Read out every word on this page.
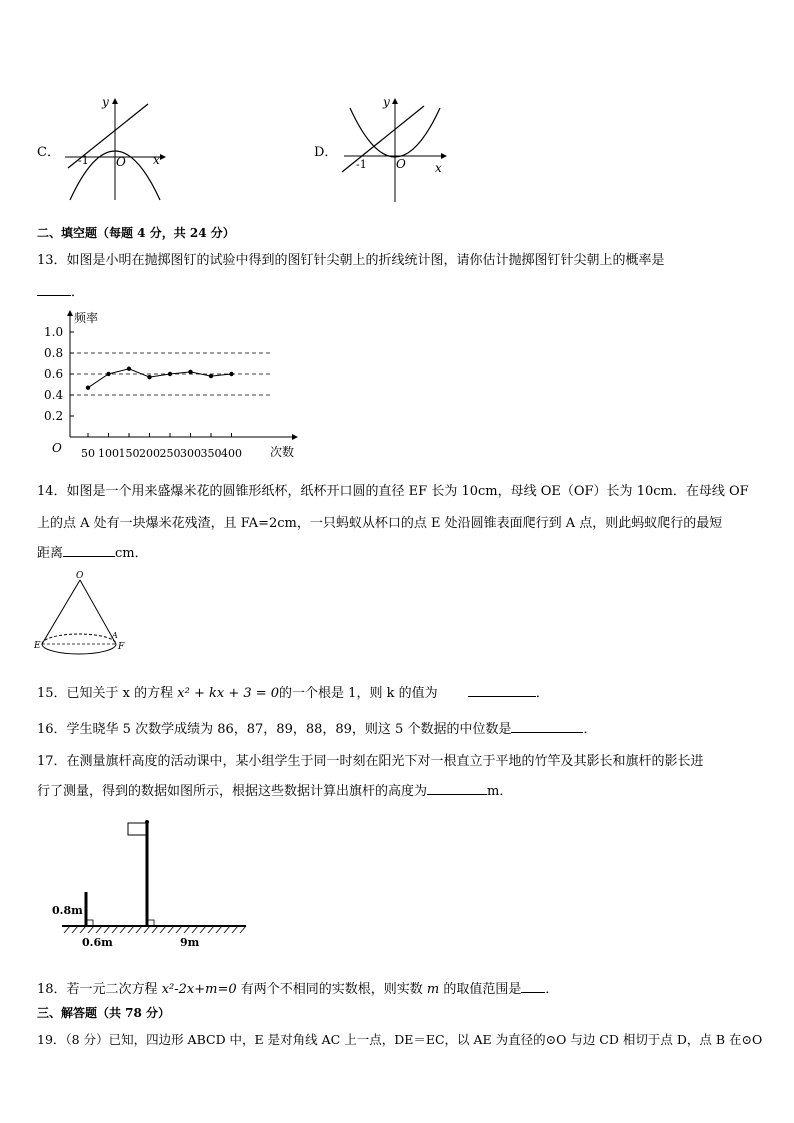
C．
-1 O x
y
D．
-1 O x
y
二、填空题（每题 4 分，共 24 分）
13．如图是小明在抛掷图钉的试验中得到的图钉针尖朝上的折线统计图，请你估计抛掷图钉针尖朝上的概率是
．
0.2
0.4
0.6
0.8
1.0
50 100 150 200 250 300 350 400
频率
次数
O
14．如图是一个用来盛爆米花的圆锥形纸杯，纸杯开口圆的直径 EF 长为 10cm，母线 OE（OF）长为 10cm．在母线 OF
上的点 A 处有一块爆米花残渣，且 FA=2cm，一只蚂蚁从杯口的点 E 处沿圆锥表面爬行到 A 点，则此蚂蚁爬行的最短
距离	cm．
O
E	F
A
15．已知关于 x 的方程 x² + kx + 3 = 0的一个根是 1，则 k 的值为	．
16．学生晓华 5 次数学成绩为 86，87，89，88，89，则这 5 个数据的中位数是	．
17．在测量旗杆高度的活动课中，某小组学生于同一时刻在阳光下对一根直立于平地的竹竿及其影长和旗杆的影长进
行了测量，得到的数据如图所示，根据这些数据计算出旗杆的高度为	m．
0.8m
0.6m	9m
18．若一元二次方程 x²-2x+m=0 有两个不相同的实数根，则实数 m 的取值范围是 ．
三、解答题（共 78 分）
19．（8 分）已知，四边形 ABCD 中，E 是对角线 AC 上一点，DE＝EC，以 AE 为直径的⊙O 与边 CD 相切于点 D，点 B 在⊙O
